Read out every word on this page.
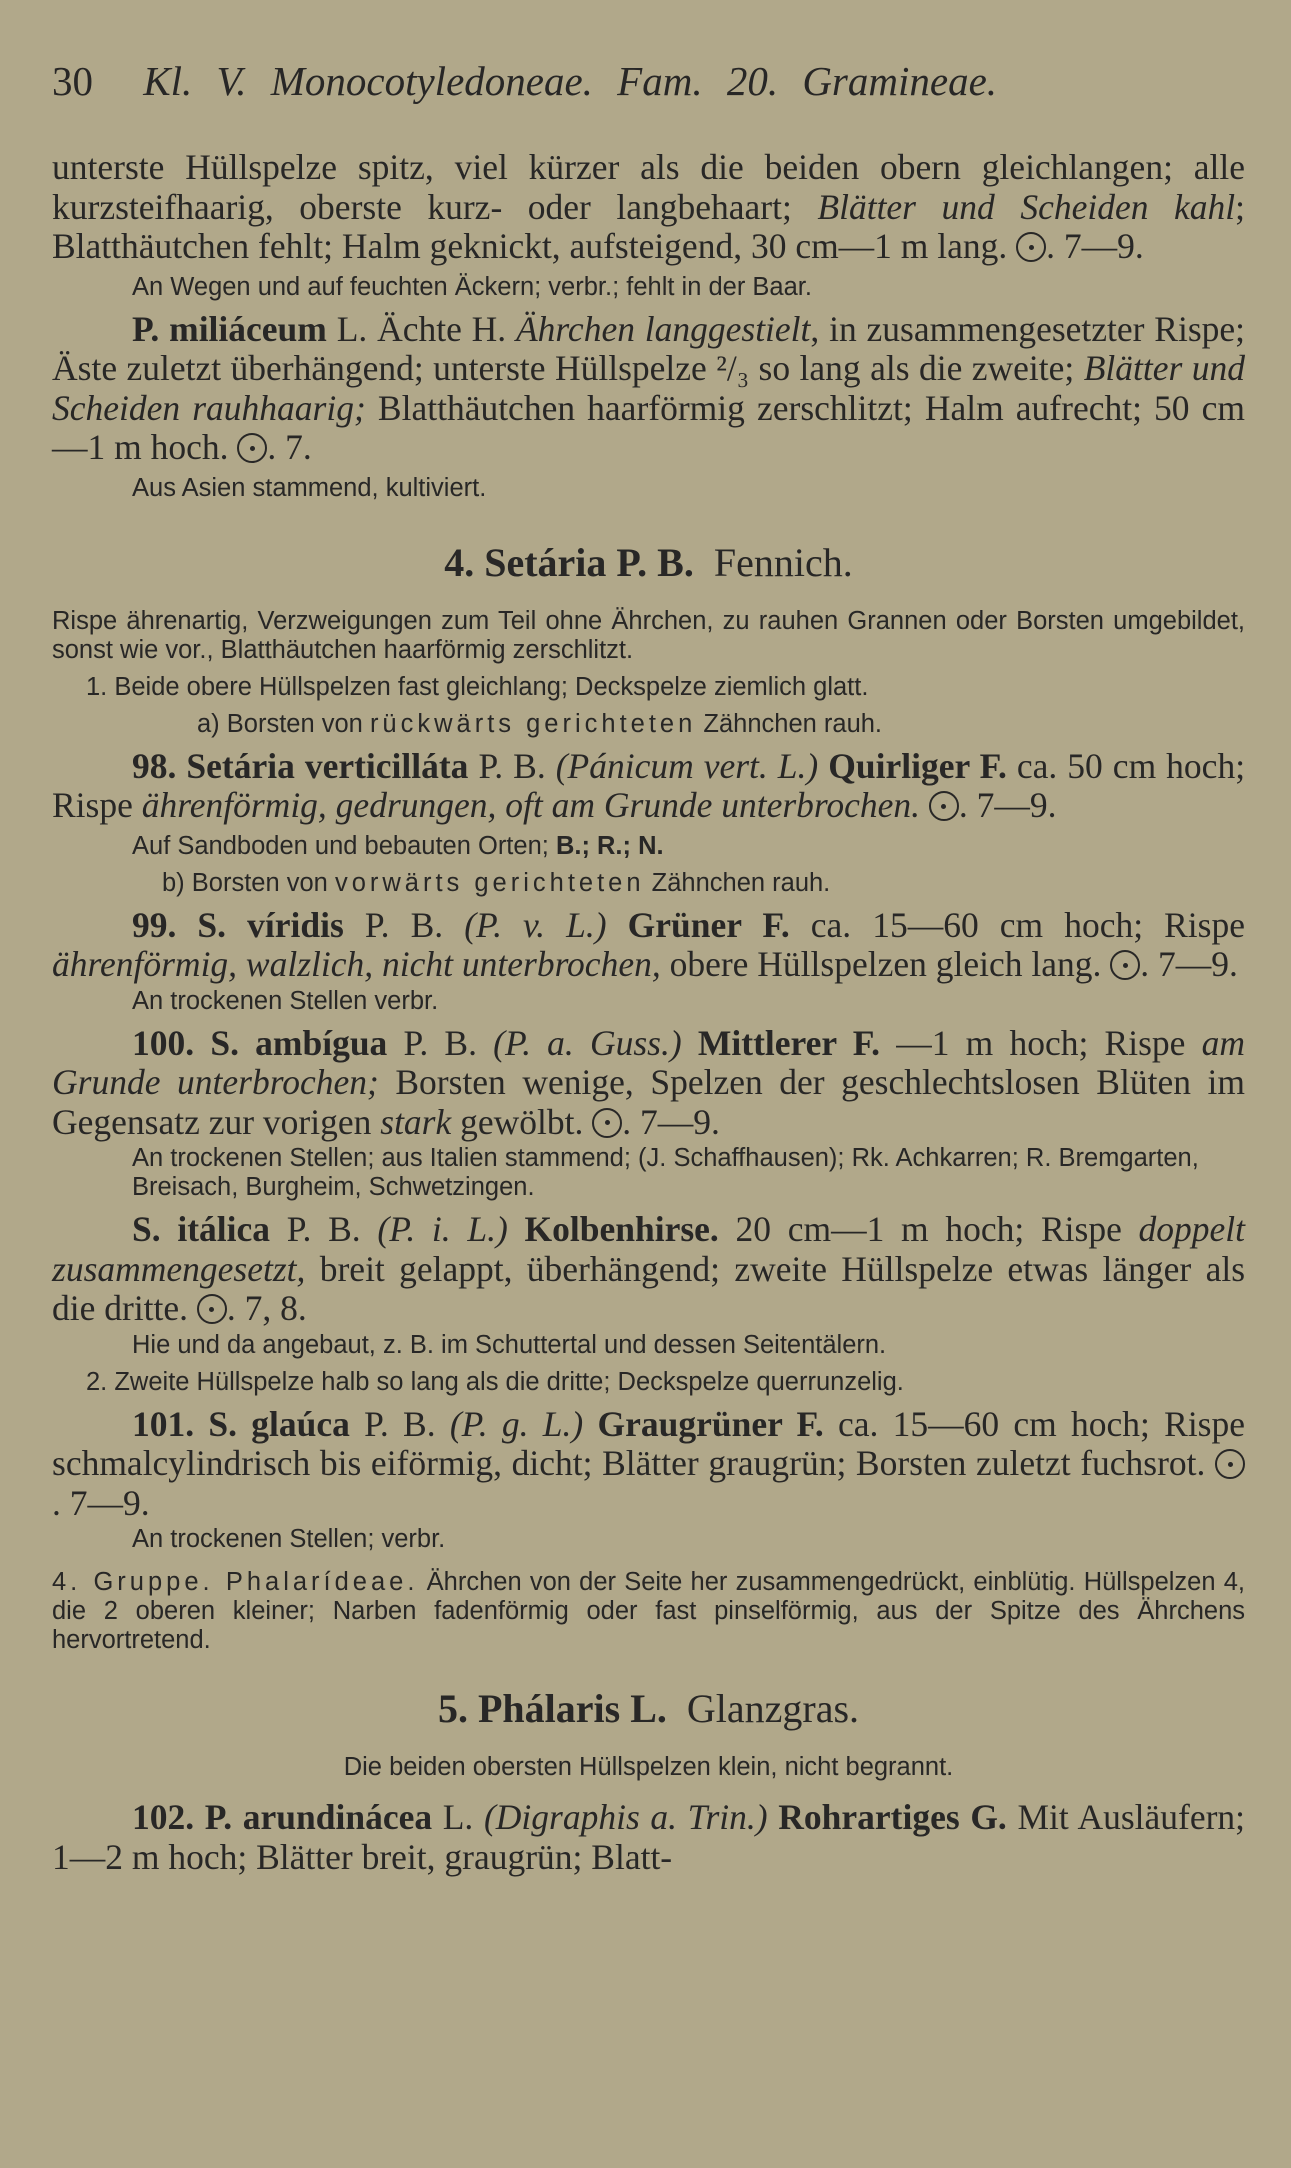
30 Kl. V. Monocotyledoneae. Fam. 20. Gramineae.

unterste Hüllspelze spitz, viel kürzer als die beiden obern gleichlangen; alle kurzsteifhaarig, oberste kurz- oder langbehaart; Blätter und Scheiden kahl; Blatthäutchen fehlt; Halm geknickt, aufsteigend, 30 cm—1 m lang. . 7—9.

An Wegen und auf feuchten Äckern; verbr.; fehlt in der Baar.

P. miliáceum L. Ächte H. Ährchen langgestielt, in zusammengesetzter Rispe; Äste zuletzt überhängend; unterste Hüllspelze ²/₃ so lang als die zweite; Blätter und Scheiden rauhhaarig; Blatthäutchen haarförmig zerschlitzt; Halm aufrecht; 50 cm—1 m hoch. . 7.

Aus Asien stammend, kultiviert.

4. Setária P. B. Fennich.

Rispe ährenartig, Verzweigungen zum Teil ohne Ährchen, zu rauhen Grannen oder Borsten umgebildet, sonst wie vor., Blatthäutchen haarförmig zerschlitzt.

1. Beide obere Hüllspelzen fast gleichlang; Deckspelze ziemlich glatt.

a) Borsten von rückwärts gerichteten Zähnchen rauh.

98. Setária verticilláta P. B. (Pánicum vert. L.) Quirliger F. ca. 50 cm hoch; Rispe ährenförmig, gedrungen, oft am Grunde unterbrochen. . 7—9.

Auf Sandboden und bebauten Orten; B.; R.; N.

b) Borsten von vorwärts gerichteten Zähnchen rauh.

99. S. víridis P. B. (P. v. L.) Grüner F. ca. 15—60 cm hoch; Rispe ährenförmig, walzlich, nicht unterbrochen, obere Hüllspelzen gleich lang. . 7—9.

An trockenen Stellen verbr.

100. S. ambígua P. B. (P. a. Guss.) Mittlerer F. —1 m hoch; Rispe am Grunde unterbrochen; Borsten wenige, Spelzen der geschlechtslosen Blüten im Gegensatz zur vorigen stark gewölbt. . 7—9.

An trockenen Stellen; aus Italien stammend; (J. Schaffhausen); Rk. Achkarren; R. Bremgarten, Breisach, Burgheim, Schwetzingen.

S. itálica P. B. (P. i. L.) Kolbenhirse. 20 cm—1 m hoch; Rispe doppelt zusammengesetzt, breit gelappt, überhängend; zweite Hüllspelze etwas länger als die dritte. . 7, 8.

Hie und da angebaut, z. B. im Schuttertal und dessen Seitentälern.

2. Zweite Hüllspelze halb so lang als die dritte; Deckspelze querrunzelig.

101. S. glaúca P. B. (P. g. L.) Graugrüner F. ca. 15—60 cm hoch; Rispe schmalcylindrisch bis eiförmig, dicht; Blätter graugrün; Borsten zuletzt fuchsrot. . 7—9.

An trockenen Stellen; verbr.

4. Gruppe. Phalarídeae. Ährchen von der Seite her zusammengedrückt, einblütig. Hüllspelzen 4, die 2 oberen kleiner; Narben fadenförmig oder fast pinselförmig, aus der Spitze des Ährchens hervortretend.

5. Phálaris L. Glanzgras.

Die beiden obersten Hüllspelzen klein, nicht begrannt.

102. P. arundinácea L. (Digraphis a. Trin.) Rohrartiges G. Mit Ausläufern; 1—2 m hoch; Blätter breit, graugrün; Blatt-
